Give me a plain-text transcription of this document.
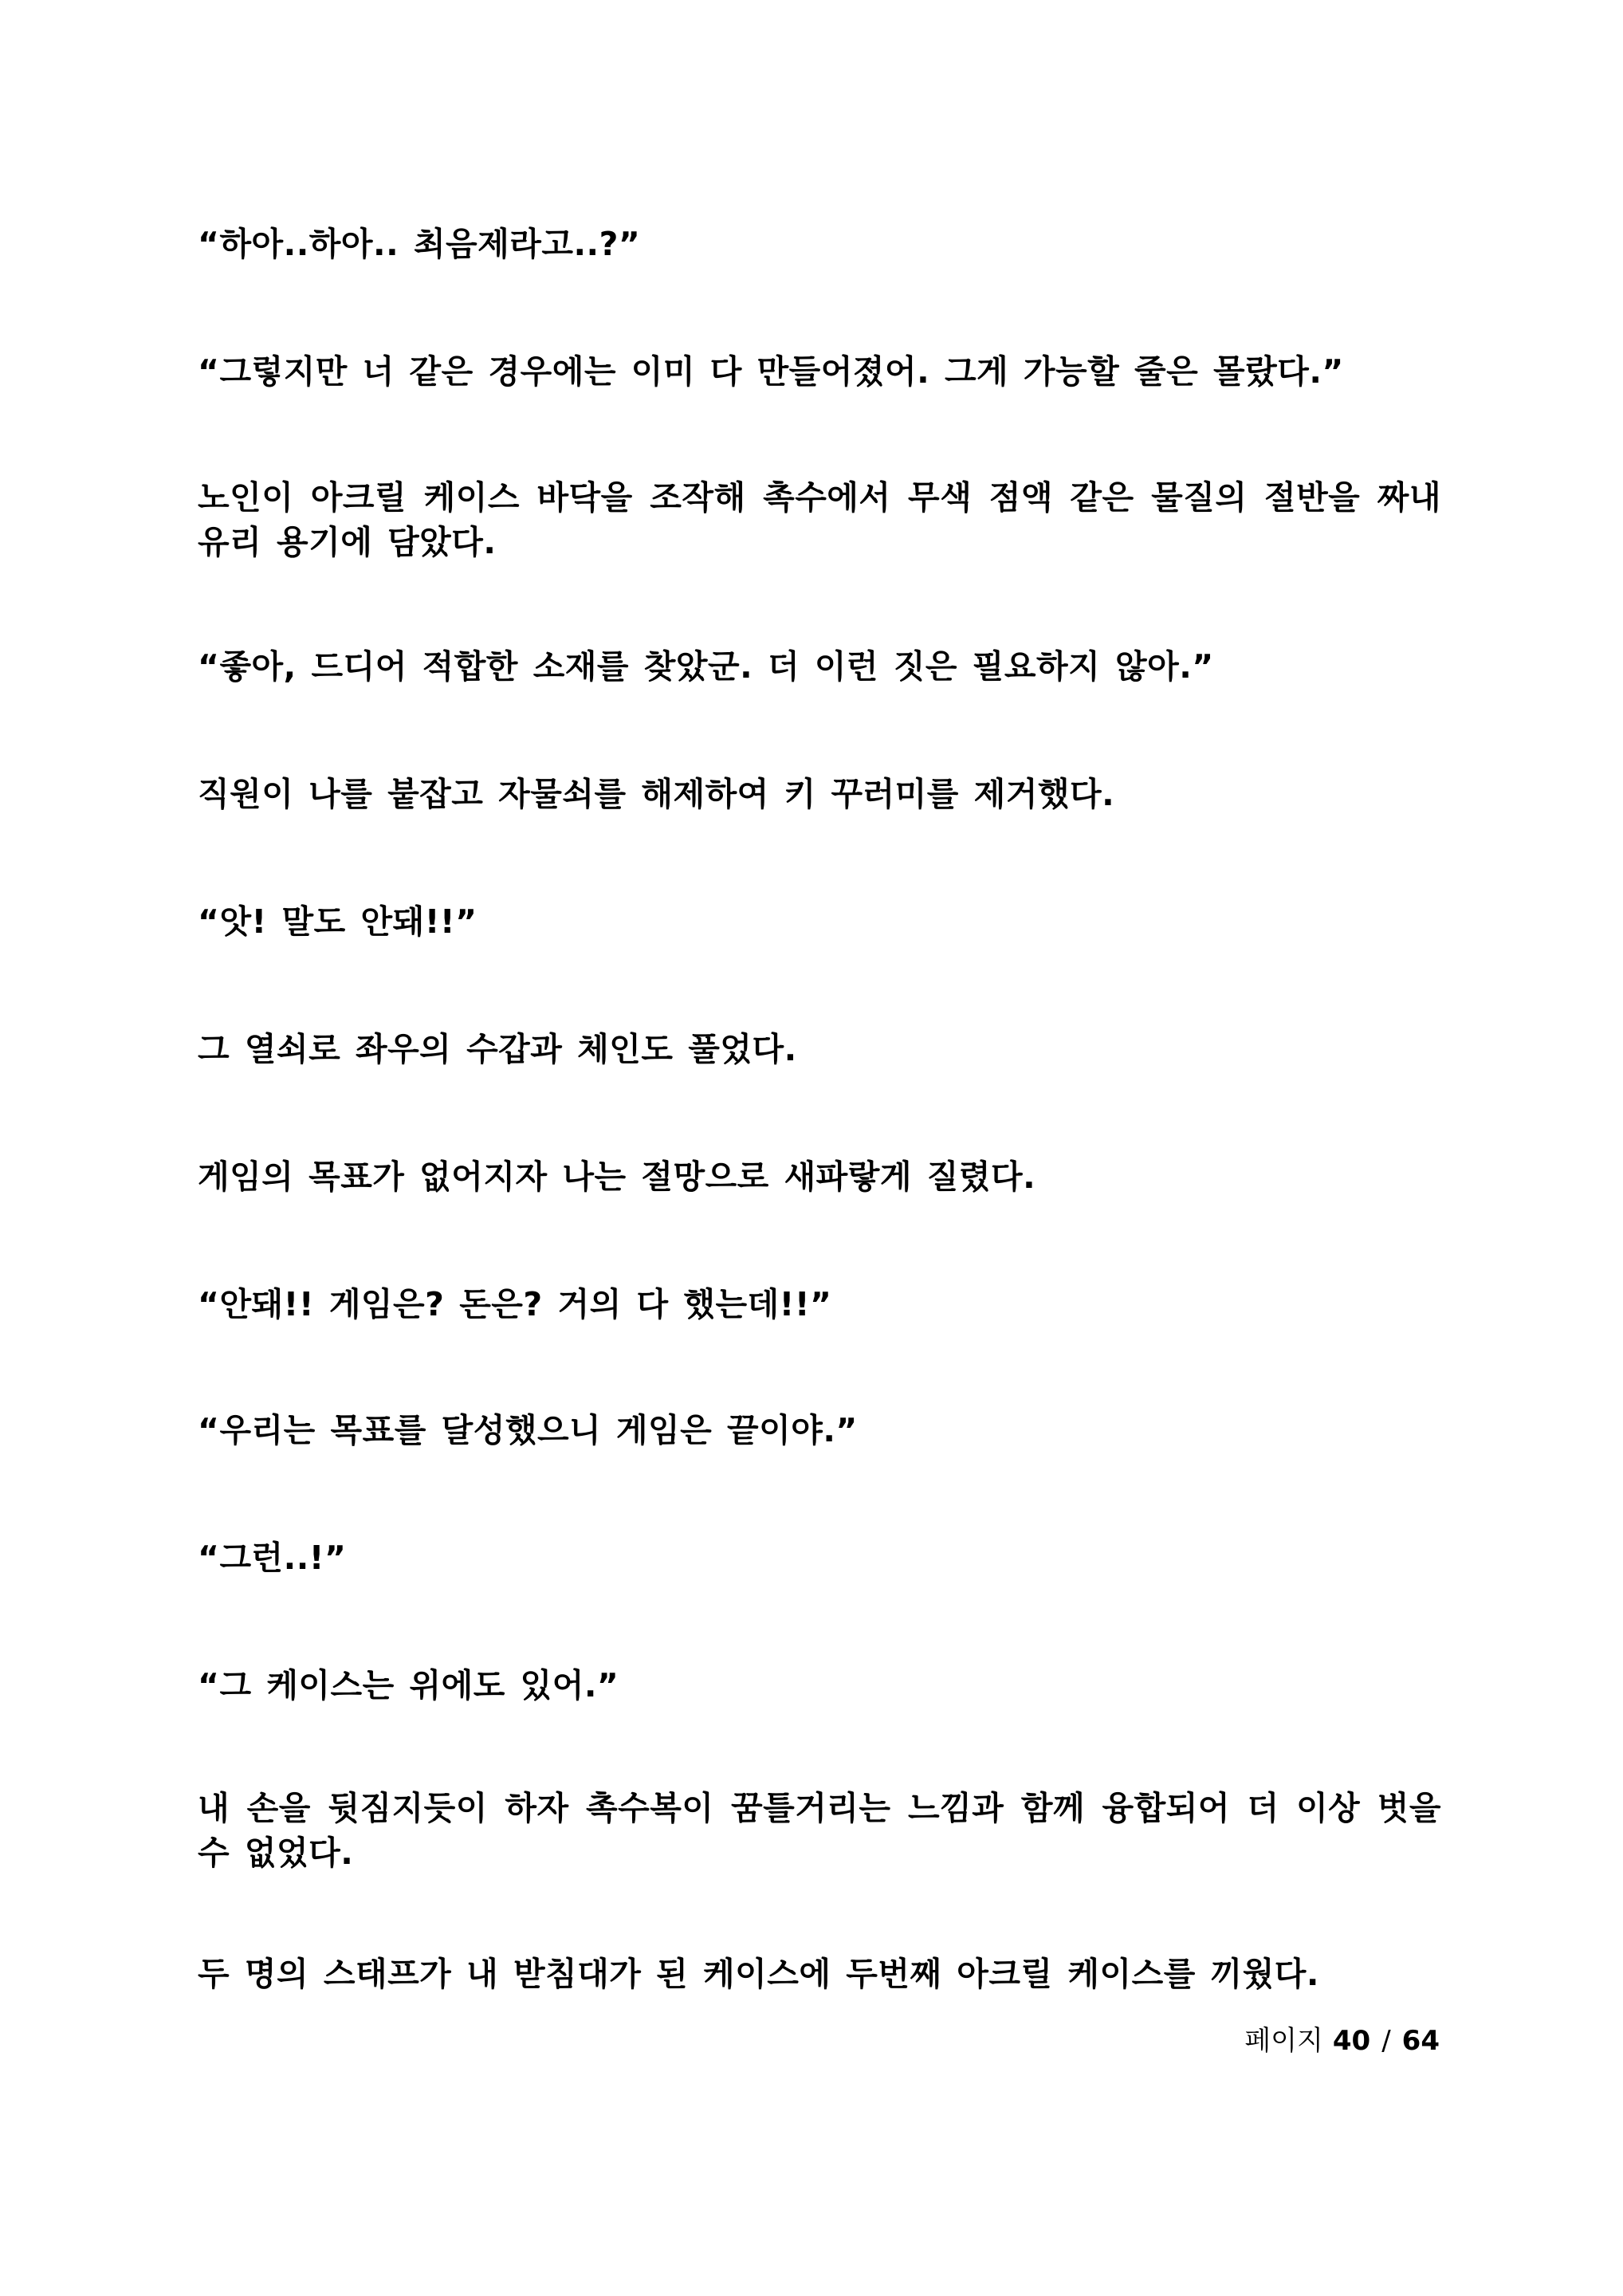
“하아..하아.. 최음제라고..?”

“그렇지만 너 같은 경우에는 이미 다 만들어졌어. 그게 가능할 줄은 몰랐다.”

노인이 아크릴 케이스 바닥을 조작해 촉수에서 무색 점액 같은 물질의 절반을 짜내 유리 용기에 담았다.

“좋아, 드디어 적합한 소재를 찾았군. 더 이런 짓은 필요하지 않아.”

직원이 나를 붙잡고 자물쇠를 해제하여 키 꾸러미를 제거했다.

“앗! 말도 안돼!!”

그 열쇠로 좌우의 수갑과 체인도 풀었다.

게임의 목표가 없어지자 나는 절망으로 새파랗게 질렸다.

“안돼!! 게임은? 돈은? 거의 다 했는데!!”

“우리는 목표를 달성했으니 게임은 끝이야.”

“그런..!”

“그 케이스는 위에도 있어.”

내 손을 뒷짐지듯이 하자 촉수복이 꿈틀거리는 느낌과 함께 융합되어 더 이상 벗을 수 없었다.

두 명의 스태프가 내 받침대가 된 케이스에 두번째 아크릴 케이스를 끼웠다.

페이지 40 / 64
